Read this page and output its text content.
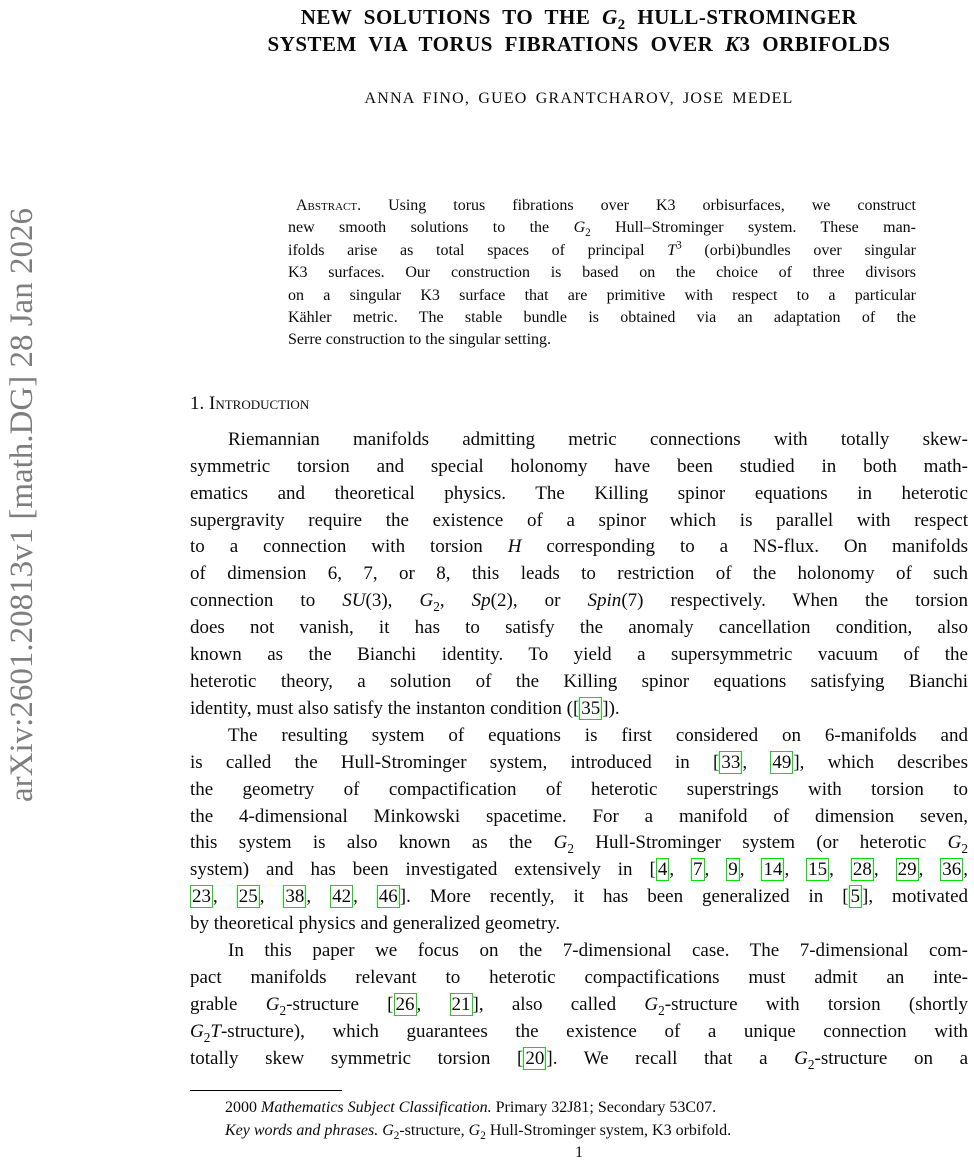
arXiv:2601.20813v1 [math.DG] 28 Jan 2026
NEW SOLUTIONS TO THE $G_2$ HULL-STROMINGER
SYSTEM VIA TORUS FIBRATIONS OVER K3 ORBIFOLDS
ANNA FINO, GUEO GRANTCHAROV, JOSE MEDEL
Abstract. Using torus fibrations over K3 orbisurfaces, we construct
new smooth solutions to the $G_2$ Hull–Strominger system. These man-
ifolds arise as total spaces of principal $T^3$ (orbi)bundles over singular
K3 surfaces. Our construction is based on the choice of three divisors
on a singular K3 surface that are primitive with respect to a particular
Kähler metric. The stable bundle is obtained via an adaptation of the
Serre construction to the singular setting.
1. Introduction
Riemannian manifolds admitting metric connections with totally skew-
symmetric torsion and special holonomy have been studied in both math-
ematics and theoretical physics. The Killing spinor equations in heterotic
supergravity require the existence of a spinor which is parallel with respect
to a connection with torsion H corresponding to a NS-flux. On manifolds
of dimension 6, 7, or 8, this leads to restriction of the holonomy of such
connection to SU(3), $G_2$, Sp(2), or Spin(7) respectively. When the torsion
does not vanish, it has to satisfy the anomaly cancellation condition, also
known as the Bianchi identity. To yield a supersymmetric vacuum of the
heterotic theory, a solution of the Killing spinor equations satisfying Bianchi
identity, must also satisfy the instanton condition ([ 35 ]).
The resulting system of equations is first considered on 6-manifolds and
is called the Hull-Strominger system, introduced in [ 33 , 49 ], which describes
the geometry of compactification of heterotic superstrings with torsion to
the 4-dimensional Minkowski spacetime. For a manifold of dimension seven,
this system is also known as the $G_2$ Hull-Strominger system (or heterotic $G_2$
system) and has been investigated extensively in [ 4 , 7 , 9 , 14 , 15 , 28 , 29 , 36 ,
23 , 25 , 38 , 42 , 46 ]. More recently, it has been generalized in [ 5 ], motivated
by theoretical physics and generalized geometry.
In this paper we focus on the 7-dimensional case. The 7-dimensional com-
pact manifolds relevant to heterotic compactifications must admit an inte-
grable $G_2$-structure [ 26 , 21 ], also called $G_2$-structure with torsion (shortly
$G_2T-structure$), which guarantees the existence of a unique connection with
totally skew symmetric torsion [ 20 ]. We recall that a $G_2$-structure on a
2000 Mathematics Subject Classification. Primary 32J81; Secondary 53C07.
Key words and phrases. $G_2$-structure, $G_2$ Hull-Strominger system, K3 orbifold.
1
